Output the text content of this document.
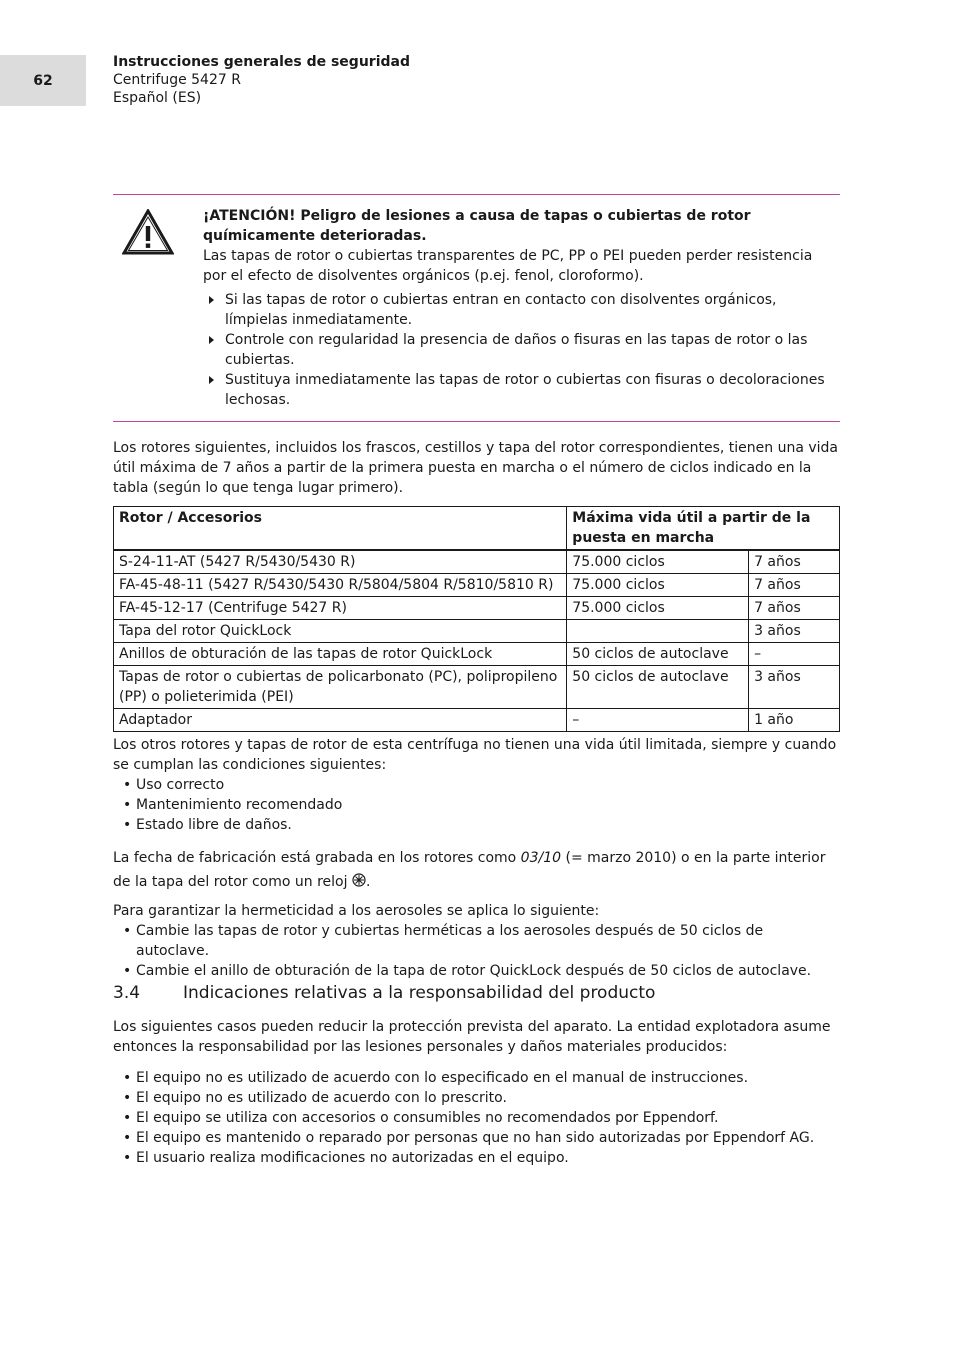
62
Instrucciones generales de seguridad
Centrifuge 5427 R
Español (ES)
¡ATENCIÓN! Peligro de lesiones a causa de tapas o cubiertas de rotor químicamente deterioradas.
Las tapas de rotor o cubiertas transparentes de PC, PP o PEI pueden perder resistencia por el efecto de disolventes orgánicos (p.ej. fenol, cloroformo).
Si las tapas de rotor o cubiertas entran en contacto con disolventes orgánicos, límpielas inmediatamente.
Controle con regularidad la presencia de daños o fisuras en las tapas de rotor o las cubiertas.
Sustituya inmediatamente las tapas de rotor o cubiertas con fisuras o decoloraciones lechosas.

Los rotores siguientes, incluidos los frascos, cestillos y tapa del rotor correspondientes, tienen una vida útil máxima de 7 años a partir de la primera puesta en marcha o el número de ciclos indicado en la tabla (según lo que tenga lugar primero).

Rotor / Accesorios	Máxima vida útil a partir de la puesta en marcha	
S-24-11-AT (5427 R/5430/5430 R)	75.000 ciclos	7 años
FA-45-48-11 (5427 R/5430/5430 R/5804/5804 R/5810/5810 R)	75.000 ciclos	7 años
FA-45-12-17 (Centrifuge 5427 R)	75.000 ciclos	7 años
Tapa del rotor QuickLock		3 años
Anillos de obturación de las tapas de rotor QuickLock	50 ciclos de autoclave	–
Tapas de rotor o cubiertas de policarbonato (PC), polipropileno (PP) o polieterimida (PEI)	50 ciclos de autoclave	3 años
Adaptador	–	1 año

Los otros rotores y tapas de rotor de esta centrífuga no tienen una vida útil limitada, siempre y cuando se cumplan las condiciones siguientes:

• Uso correcto
• Mantenimiento recomendado
• Estado libre de daños.

La fecha de fabricación está grabada en los rotores como 03/10 (= marzo 2010) o en la parte interior de la tapa del rotor como un reloj .

Para garantizar la hermeticidad a los aerosoles se aplica lo siguiente:

• Cambie las tapas de rotor y cubiertas herméticas a los aerosoles después de 50 ciclos de autoclave.
• Cambie el anillo de obturación de la tapa de rotor QuickLock después de 50 ciclos de autoclave.
3.4	Indicaciones relativas a la responsabilidad del producto

Los siguientes casos pueden reducir la protección prevista del aparato. La entidad explotadora asume entonces la responsabilidad por las lesiones personales y daños materiales producidos:

• El equipo no es utilizado de acuerdo con lo especificado en el manual de instrucciones.
• El equipo no es utilizado de acuerdo con lo prescrito.
• El equipo se utiliza con accesorios o consumibles no recomendados por Eppendorf.
• El equipo es mantenido o reparado por personas que no han sido autorizadas por Eppendorf AG.
• El usuario realiza modificaciones no autorizadas en el equipo.
